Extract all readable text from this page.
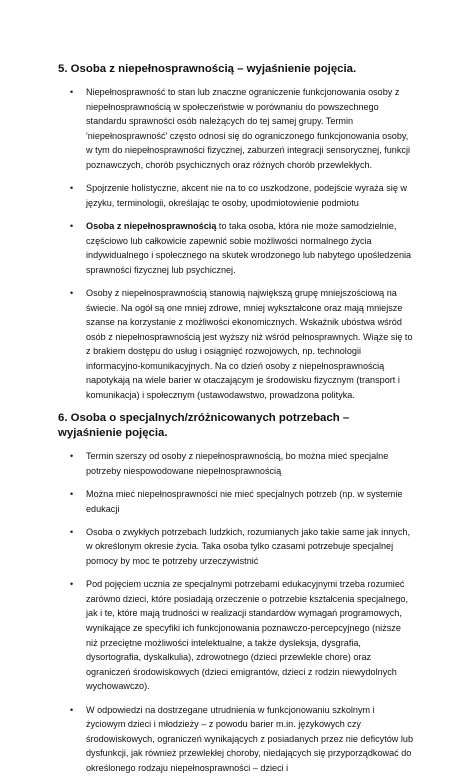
5. Osoba z niepełnosprawnością – wyjaśnienie pojęcia.
• Niepełnosprawność to stan lub znaczne ograniczenie funkcjonowania osoby z niepełnosprawnością w społeczeństwie w porównaniu do powszechnego standardu sprawności osób należących do tej samej grupy. Termin 'niepełnosprawność' często odnosi się do ograniczonego funkcjonowania osoby, w tym do niepełnosprawności fizycznej, zaburzeń integracji sensorycznej, funkcji poznawczych, chorób psychicznych oraz różnych chorób przewlekłych.
• Spojrzenie holistyczne, akcent nie na to co uszkodzone, podejście wyraża się w języku, terminologii, określając te osoby, upodmiotowienie podmiotu
• Osoba z niepełnosprawnością to taka osoba, która nie może samodzielnie, częściowo lub całkowicie zapewnić sobie możliwości normalnego życia indywidualnego i społecznego na skutek wrodzonego lub nabytego upośledzenia sprawności fizycznej lub psychicznej.
• Osoby z niepełnosprawnością stanowią największą grupę mniejszościową na świecie. Na ogół są one mniej zdrowe, mniej wykształcone oraz mają mniejsze szanse na korzystanie z możliwości ekonomicznych. Wskaźnik ubóstwa wśród osób z niepełnosprawnością jest wyższy niż wśród pełnosprawnych. Wiąże się to z brakiem dostępu do usług i osiągnięć rozwojowych, np. technologii informacyjno-komunikacyjnych. Na co dzień osoby z niepełnosprawnością napotykają na wiele barier w otaczającym je środowisku fizycznym (transport i komunikacja) i społecznym (ustawodawstwo, prowadzona polityka.
6. Osoba o specjalnych/zróżnicowanych potrzebach – wyjaśnienie pojęcia.
• Termin szerszy od osoby z niepełnosprawnością, bo można mieć specjalne potrzeby niespowodowane niepełnosprawnością
• Można mieć niepełnosprawności nie mieć specjalnych potrzeb (np. w systemie edukacji
• Osoba o zwykłych potrzebach ludzkich, rozumianych jako takie same jak innych, w określonym okresie życia. Taka osoba tylko czasami potrzebuje specjalnej pomocy by moc te potrzeby urzeczywistnić
• Pod pojęciem ucznia ze specjalnymi potrzebami edukacyjnymi trzeba rozumieć zarówno dzieci, które posiadają orzeczenie o potrzebie kształcenia specjalnego, jak i te, które mają trudności w realizacji standardów wymagań programowych, wynikające ze specyfiki ich funkcjonowania poznawczo-percepcyjnego (niższe niż przeciętne możliwości intelektualne, a także dysleksja, dysgrafia, dysortografia, dyskalkulia), zdrowotnego (dzieci przewlekle chore) oraz ograniczeń środowiskowych (dzieci emigrantów, dzieci z rodzin niewydolnych wychowawczo).
• W odpowiedzi na dostrzegane utrudnienia w funkcjonowaniu szkolnym i życiowym dzieci i młodzieży – z powodu barier m.in. językowych czy środowiskowych, ograniczeń wynikających z posiadanych przez nie deficytów lub dysfunkcji, jak również przewlekłej choroby, niedających się przyporządkować do określonego rodzaju niepełnosprawności – dzieci i
